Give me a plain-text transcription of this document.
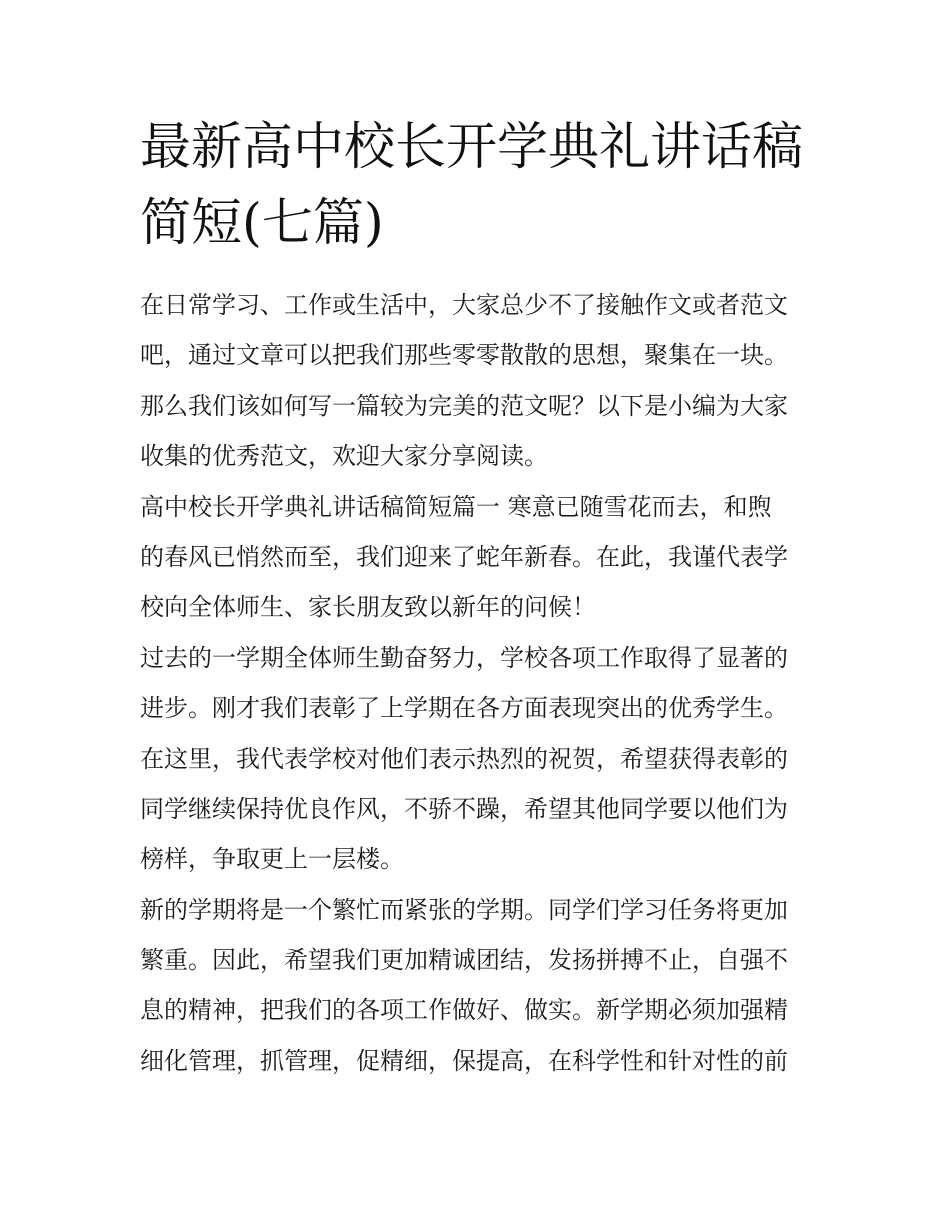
最新高中校长开学典礼讲话稿
简短(七篇)
在日常学习、工作或生活中，大家总少不了接触作文或者范文
吧，通过文章可以把我们那些零零散散的思想，聚集在一块。
那么我们该如何写一篇较为完美的范文呢？以下是小编为大家
收集的优秀范文，欢迎大家分享阅读。
高中校长开学典礼讲话稿简短篇一 寒意已随雪花而去，和煦
的春风已悄然而至，我们迎来了蛇年新春。在此，我谨代表学
校向全体师生、家长朋友致以新年的问候！
过去的一学期全体师生勤奋努力，学校各项工作取得了显著的
进步。刚才我们表彰了上学期在各方面表现突出的优秀学生。
在这里，我代表学校对他们表示热烈的祝贺，希望获得表彰的
同学继续保持优良作风，不骄不躁，希望其他同学要以他们为
榜样，争取更上一层楼。
新的学期将是一个繁忙而紧张的学期。同学们学习任务将更加
繁重。因此，希望我们更加精诚团结，发扬拼搏不止，自强不
息的精神，把我们的各项工作做好、做实。新学期必须加强精
细化管理，抓管理，促精细，保提高，在科学性和针对性的前
